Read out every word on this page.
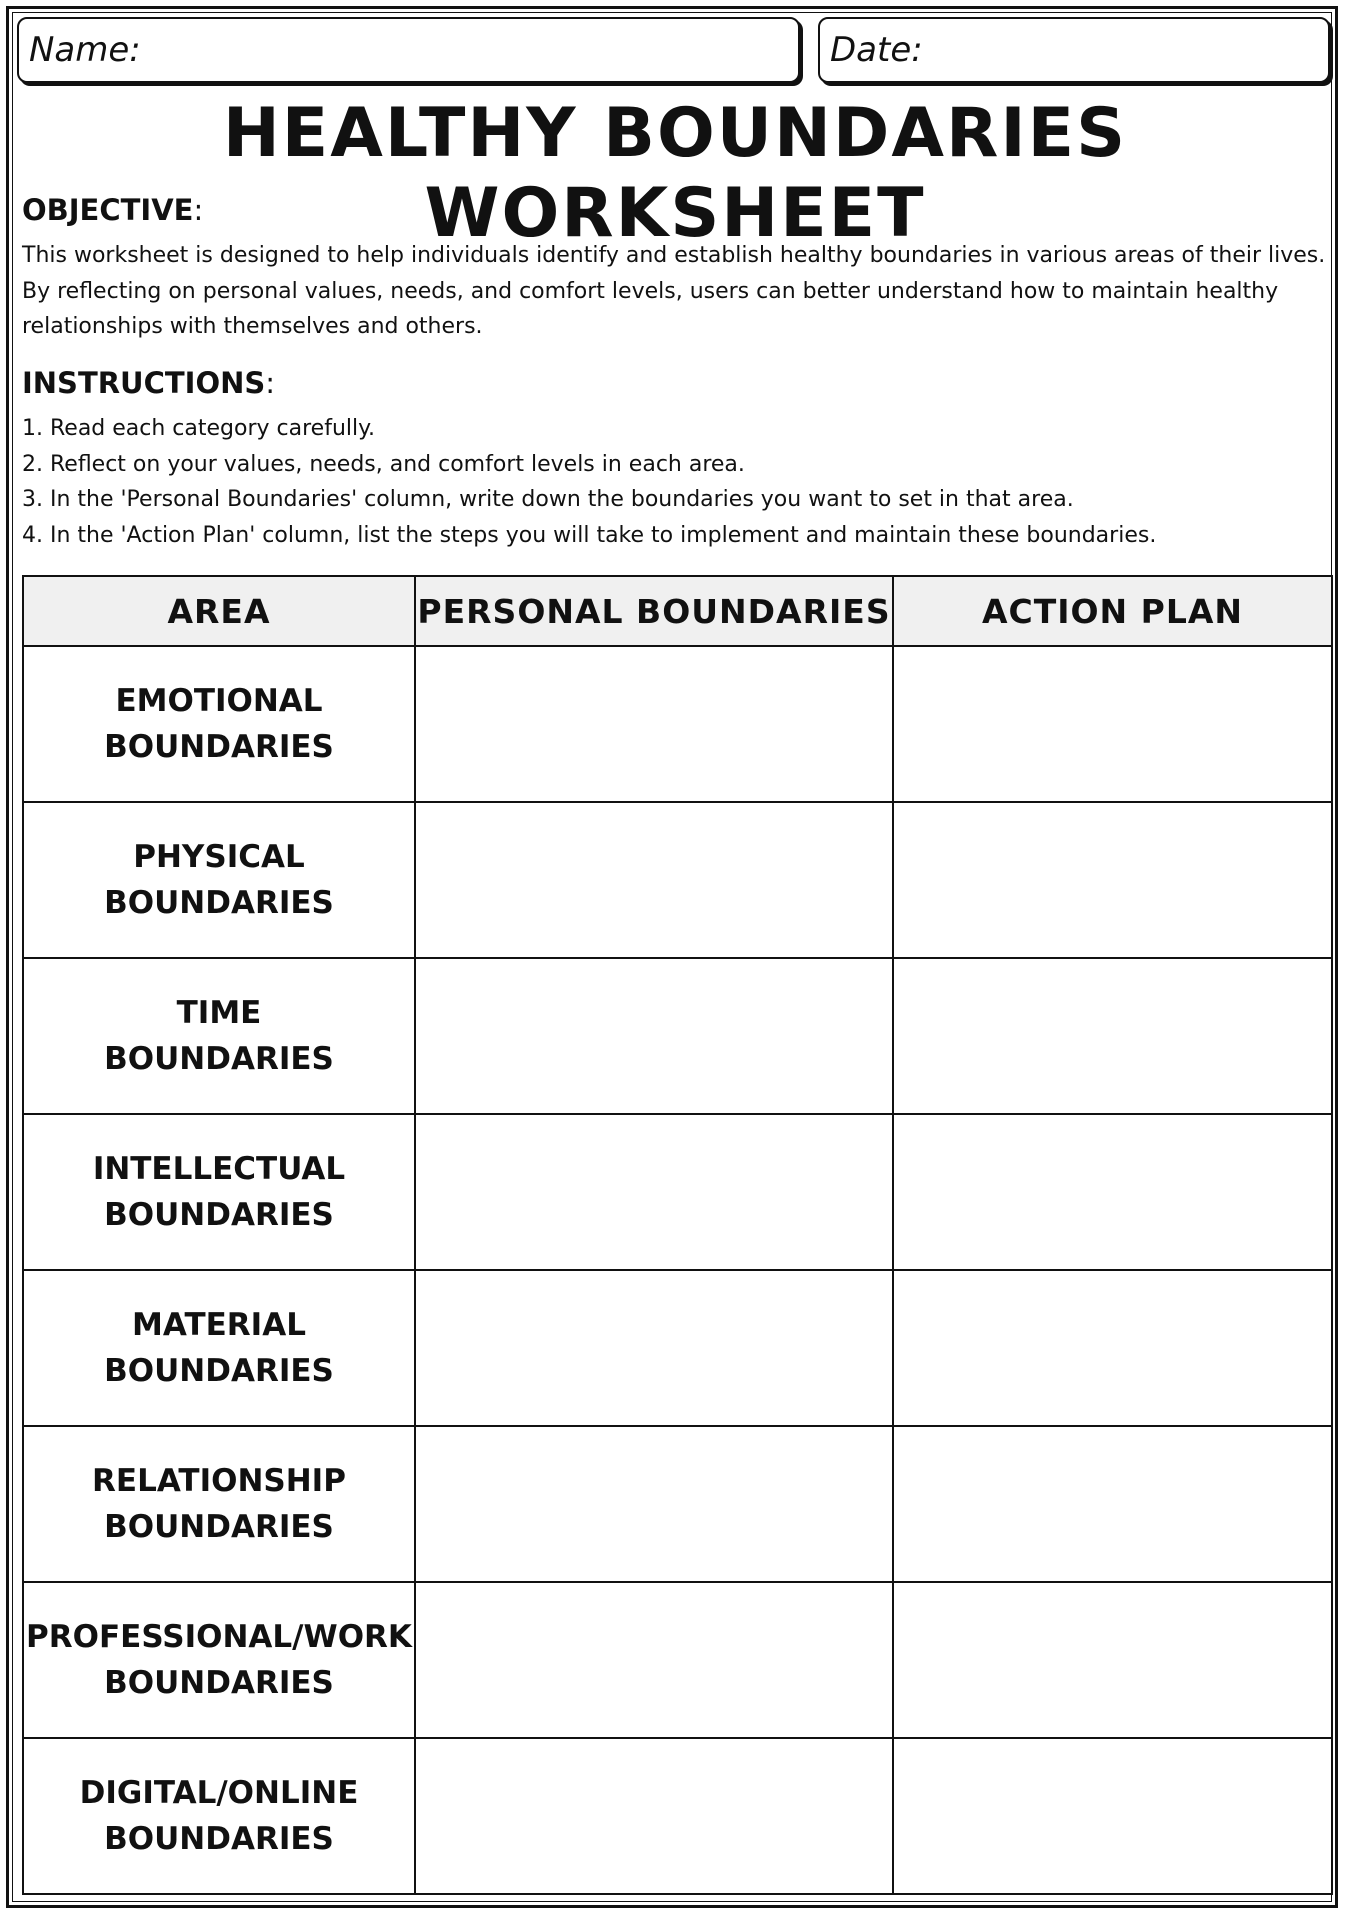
Name:	Date:
HEALTHY BOUNDARIES WORKSHEET
OBJECTIVE:
This worksheet is designed to help individuals identify and establish healthy boundaries in various areas of their lives. By reflecting on personal values, needs, and comfort levels, users can better understand how to maintain healthy relationships with themselves and others.
INSTRUCTIONS:
1. Read each category carefully.
2. Reflect on your values, needs, and comfort levels in each area.
3. In the 'Personal Boundaries' column, write down the boundaries you want to set in that area.
4. In the 'Action Plan' column, list the steps you will take to implement and maintain these boundaries.
AREA	PERSONAL BOUNDARIES	ACTION PLAN

EMOTIONAL
BOUNDARIES		

PHYSICAL
BOUNDARIES		

TIME
BOUNDARIES		

INTELLECTUAL
BOUNDARIES		

MATERIAL
BOUNDARIES		

RELATIONSHIP
BOUNDARIES		

PROFESSIONAL/WORK
BOUNDARIES		

DIGITAL/ONLINE
BOUNDARIES		
